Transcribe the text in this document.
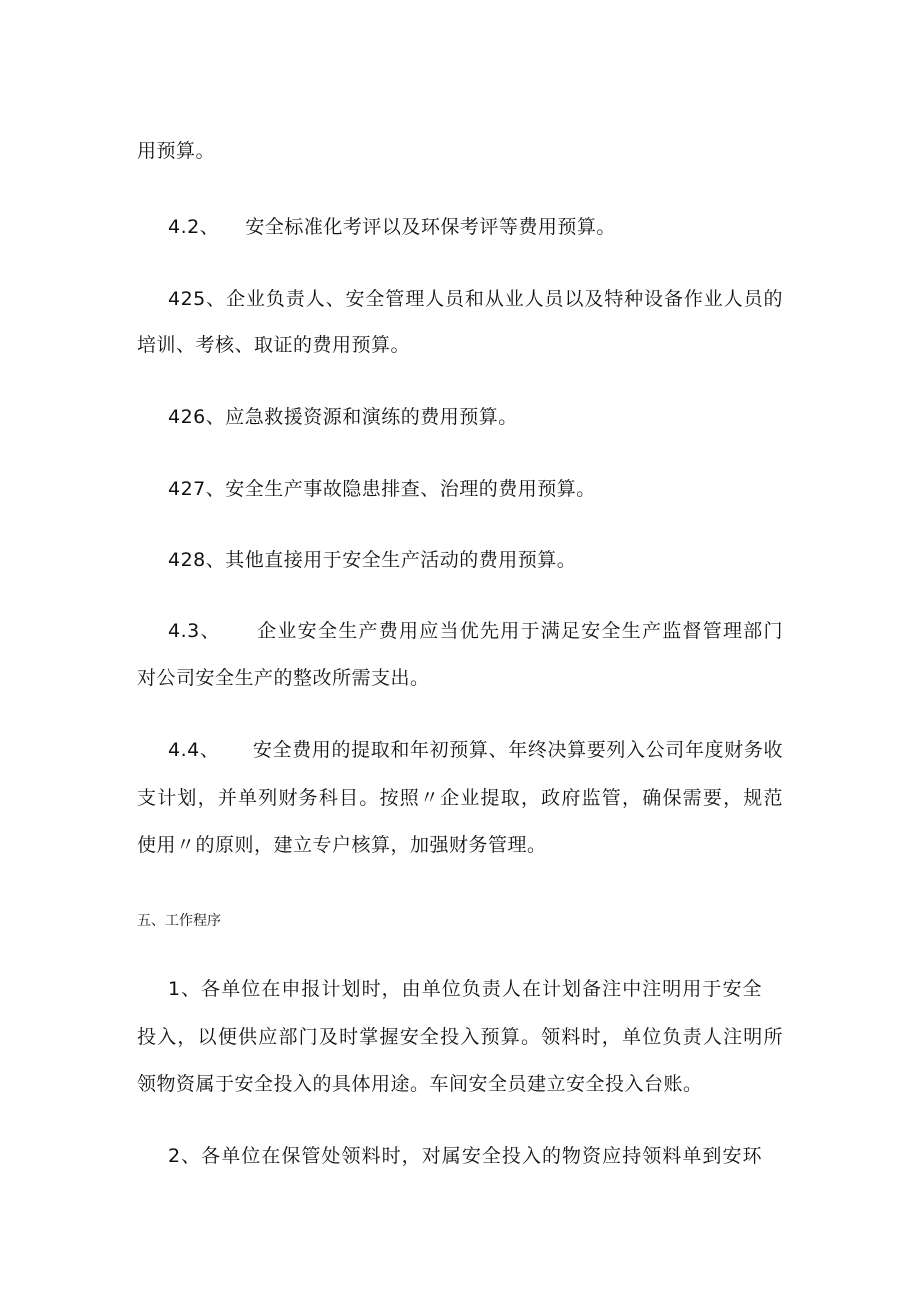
用预算。
4.2、    安全标准化考评以及环保考评等费用预算。
425、企业负责人、安全管理人员和从业人员以及特种设备作业人员的
培训、考核、取证的费用预算。
426、应急救援资源和演练的费用预算。
427、安全生产事故隐患排查、治理的费用预算。
428、其他直接用于安全生产活动的费用预算。
4.3、     企业安全生产费用应当优先用于满足安全生产监督管理部门
对公司安全生产的整改所需支出。
4.4、     安全费用的提取和年初预算、年终决算要列入公司年度财务收
支计划，并单列财务科目。按照〃企业提取，政府监管，确保需要，规范
使用〃的原则，建立专户核算，加强财务管理。
五、工作程序
1、各单位在申报计划时，由单位负责人在计划备注中注明用于安全
投入，以便供应部门及时掌握安全投入预算。领料时，单位负责人注明所
领物资属于安全投入的具体用途。车间安全员建立安全投入台账。
2、各单位在保管处领料时，对属安全投入的物资应持领料单到安环
